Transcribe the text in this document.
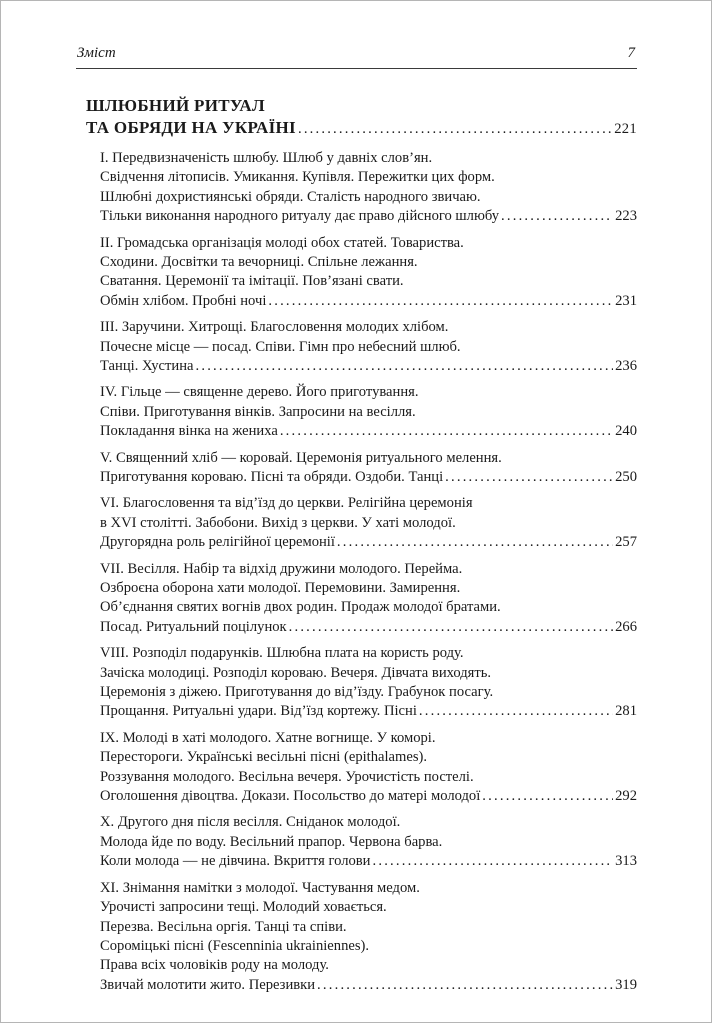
Зміст	7
ШЛЮБНИЙ РИТУАЛ
ТА ОБРЯДИ НА УКРАЇНІ .....	221
I. Передвизначеність шлюбу. Шлюб у давніх слов’ян.
Свідчення літописів. Умикання. Купівля. Пережитки цих форм.
Шлюбні дохристиянські обряди. Сталість народного звичаю.
Тільки виконання народного ритуалу дає право дійсного шлюбу .....	223
II. Громадська організація молоді обох статей. Товариства.
Сходини. Досвітки та вечорниці. Спільне лежання.
Сватання. Церемонії та імітації. Пов’язані свати.
Обмін хлібом. Пробні ночі .....	231
III. Заручини. Хитрощі. Благословення молодих хлібом.
Почесне місце — посад. Співи. Гімн про небесний шлюб.
Танці. Хустина .....	236
IV. Гільце — священне дерево. Його приготування.
Співи. Приготування вінків. Запросини на весілля.
Покладання вінка на жениха .....	240
V. Священний хліб — коровай. Церемонія ритуального мелення.
Приготування короваю. Пісні та обряди. Оздоби. Танці .....	250
VI. Благословення та від’їзд до церкви. Релігійна церемонія
в XVI столітті. Забобони. Вихід з церкви. У хаті молодої.
Другорядна роль релігійної церемонії .....	257
VII. Весілля. Набір та відхід дружини молодого. Перейма.
Озброєна оборона хати молодої. Перемовини. Замирення.
Об’єднання святих вогнів двох родин. Продаж молодої братами.
Посад. Ритуальний поцілунок .....	266
VIII. Розподіл подарунків. Шлюбна плата на користь роду.
Зачіска молодиці. Розподіл короваю. Вечеря. Дівчата виходять.
Церемонія з діжею. Приготування до від’їзду. Грабунок посагу.
Прощання. Ритуальні удари. Від’їзд кортежу. Пісні .....	281
IX. Молоді в хаті молодого. Хатне вогнище. У коморі.
Перестороги. Українські весільні пісні (epithalames).
Роззування молодого. Весільна вечеря. Урочистість постелі.
Оголошення дівоцтва. Докази. Посольство до матері молодої .....	292
X. Другого дня після весілля. Сніданок молодої.
Молода йде по воду. Весільний прапор. Червона барва.
Коли молода — не дівчина. Вкриття голови .....	313
XI. Знімання намітки з молодої. Частування медом.
Урочисті запросини тещі. Молодий ховається.
Перезва. Весільна оргія. Танці та співи.
Сороміцькі пісні (Fescenninia ukrainiennes).
Права всіх чоловіків роду на молоду.
Звичай молотити жито. Перезивки .....	319
